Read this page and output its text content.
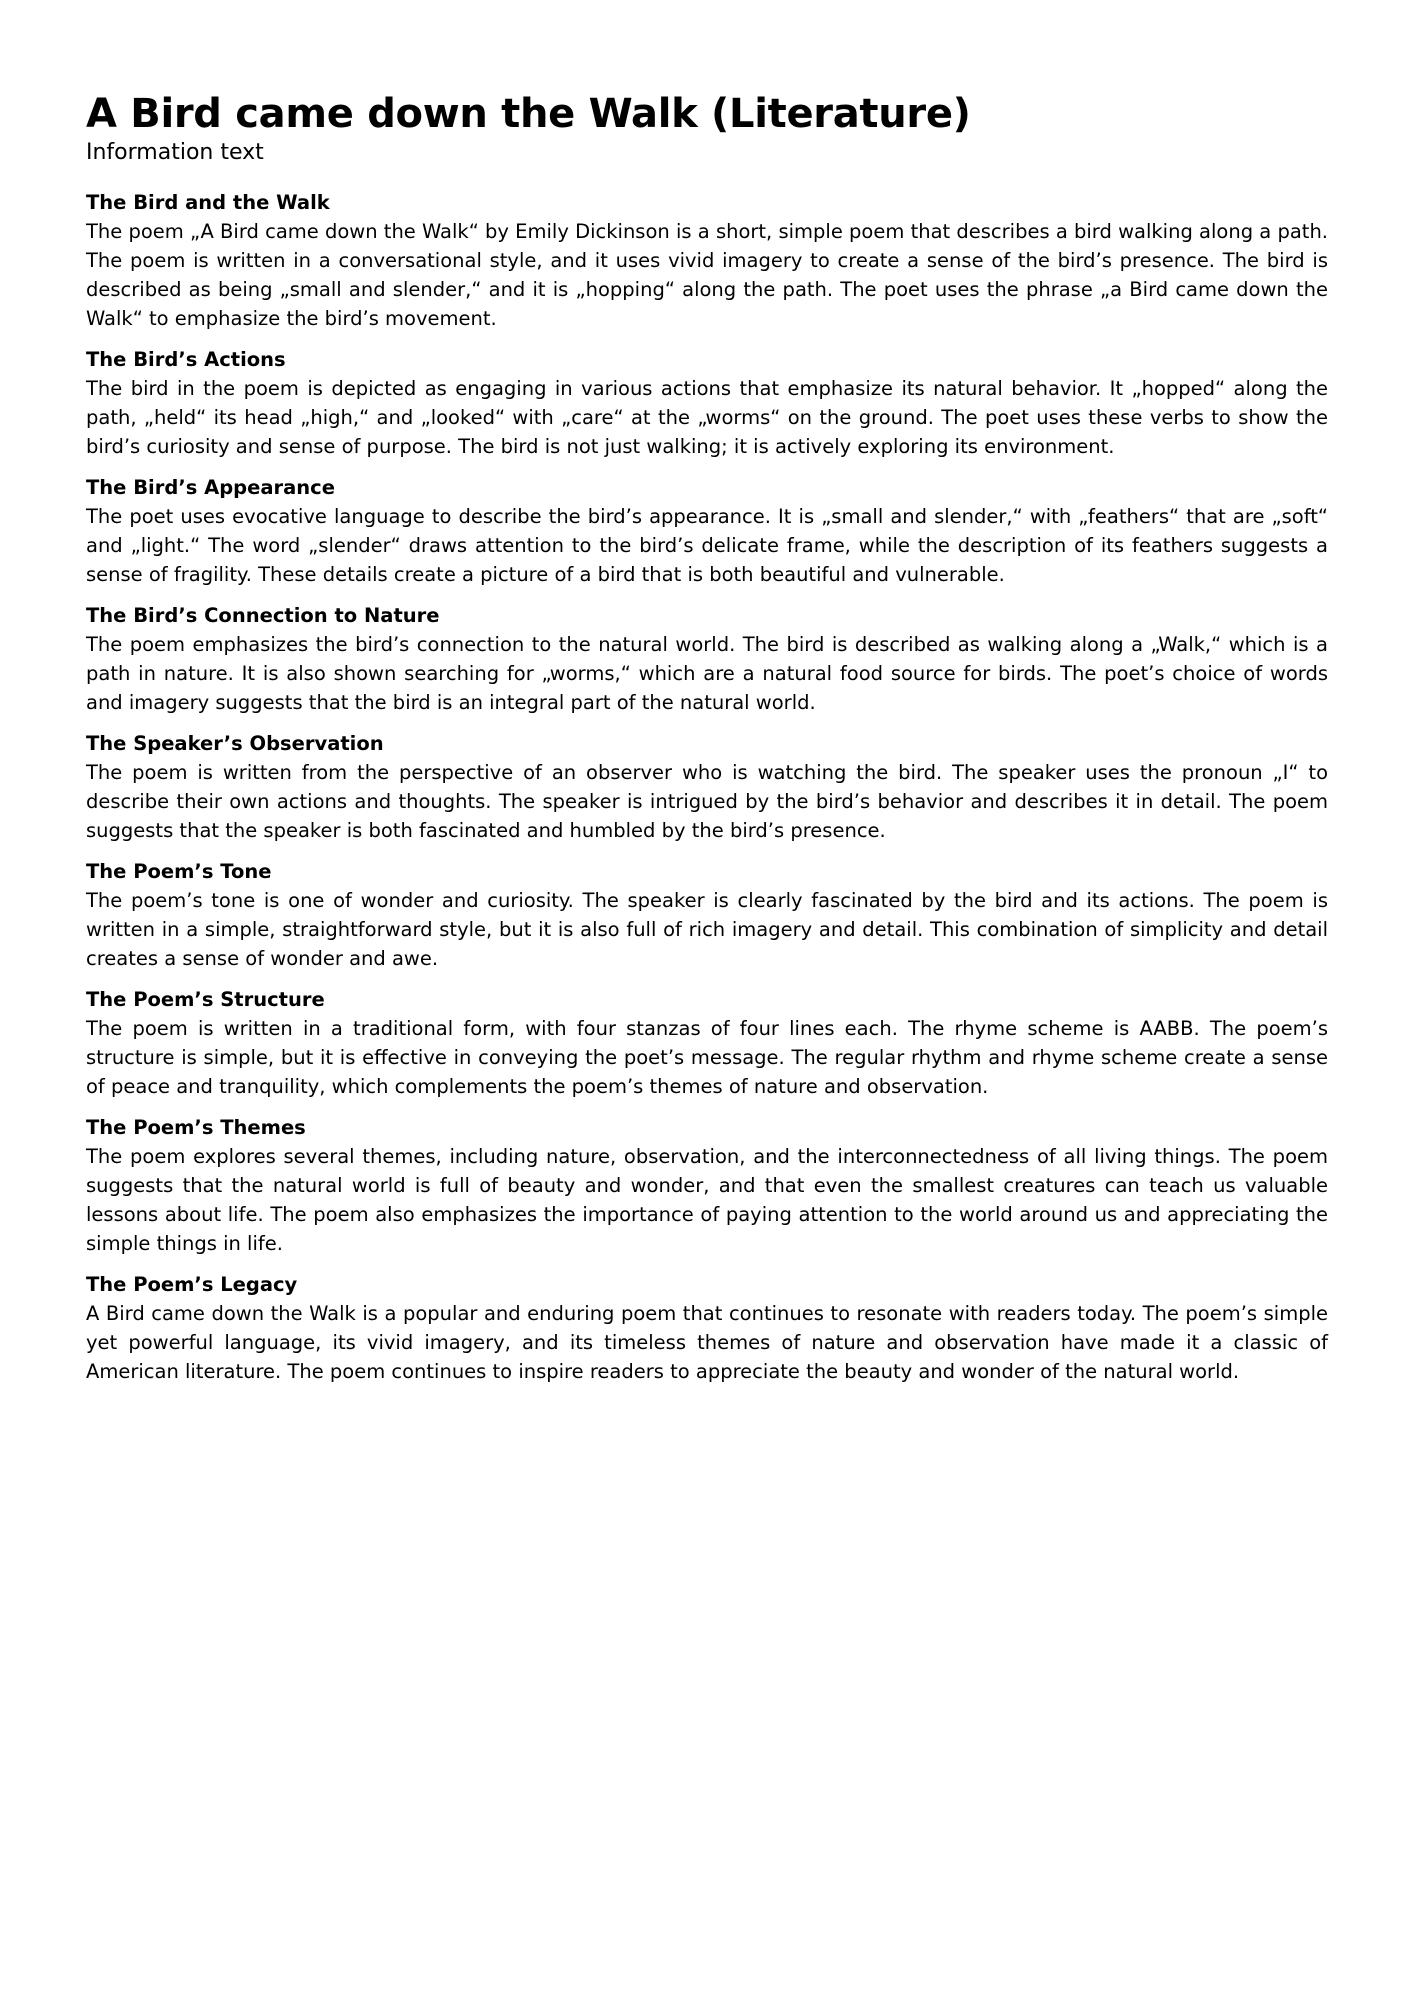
A Bird came down the Walk (Literature)

Information text

The Bird and the Walk

The poem „A Bird came down the Walk“ by Emily Dickinson is a short, simple poem that describes a bird walking along a path. The poem is written in a conversational style, and it uses vivid imagery to create a sense of the bird’s presence. The bird is described as being „small and slender,“ and it is „hopping“ along the path. The poet uses the phrase „a Bird came down the Walk“ to emphasize the bird’s movement.

The Bird’s Actions

The bird in the poem is depicted as engaging in various actions that emphasize its natural behavior. It „hopped“ along the path, „held“ its head „high,“ and „looked“ with „care“ at the „worms“ on the ground. The poet uses these verbs to show the bird’s curiosity and sense of purpose. The bird is not just walking; it is actively exploring its environment.

The Bird’s Appearance

The poet uses evocative language to describe the bird’s appearance. It is „small and slender,“ with „feathers“ that are „soft“ and „light.“ The word „slender“ draws attention to the bird’s delicate frame, while the description of its feathers suggests a sense of fragility. These details create a picture of a bird that is both beautiful and vulnerable.

The Bird’s Connection to Nature

The poem emphasizes the bird’s connection to the natural world. The bird is described as walking along a „Walk,“ which is a path in nature. It is also shown searching for „worms,“ which are a natural food source for birds. The poet’s choice of words and imagery suggests that the bird is an integral part of the natural world.

The Speaker’s Observation

The poem is written from the perspective of an observer who is watching the bird. The speaker uses the pronoun „I“ to describe their own actions and thoughts. The speaker is intrigued by the bird’s behavior and describes it in detail. The poem suggests that the speaker is both fascinated and humbled by the bird’s presence.

The Poem’s Tone

The poem’s tone is one of wonder and curiosity. The speaker is clearly fascinated by the bird and its actions. The poem is written in a simple, straightforward style, but it is also full of rich imagery and detail. This combination of simplicity and detail creates a sense of wonder and awe.

The Poem’s Structure

The poem is written in a traditional form, with four stanzas of four lines each. The rhyme scheme is AABB. The poem’s structure is simple, but it is effective in conveying the poet’s message. The regular rhythm and rhyme scheme create a sense of peace and tranquility, which complements the poem’s themes of nature and observation.

The Poem’s Themes

The poem explores several themes, including nature, observation, and the interconnectedness of all living things. The poem suggests that the natural world is full of beauty and wonder, and that even the smallest creatures can teach us valuable lessons about life. The poem also emphasizes the importance of paying attention to the world around us and appreciating the simple things in life.

The Poem’s Legacy

A Bird came down the Walk is a popular and enduring poem that continues to resonate with readers today. The poem’s simple yet powerful language, its vivid imagery, and its timeless themes of nature and observation have made it a classic of American literature. The poem continues to inspire readers to appreciate the beauty and wonder of the natural world.
